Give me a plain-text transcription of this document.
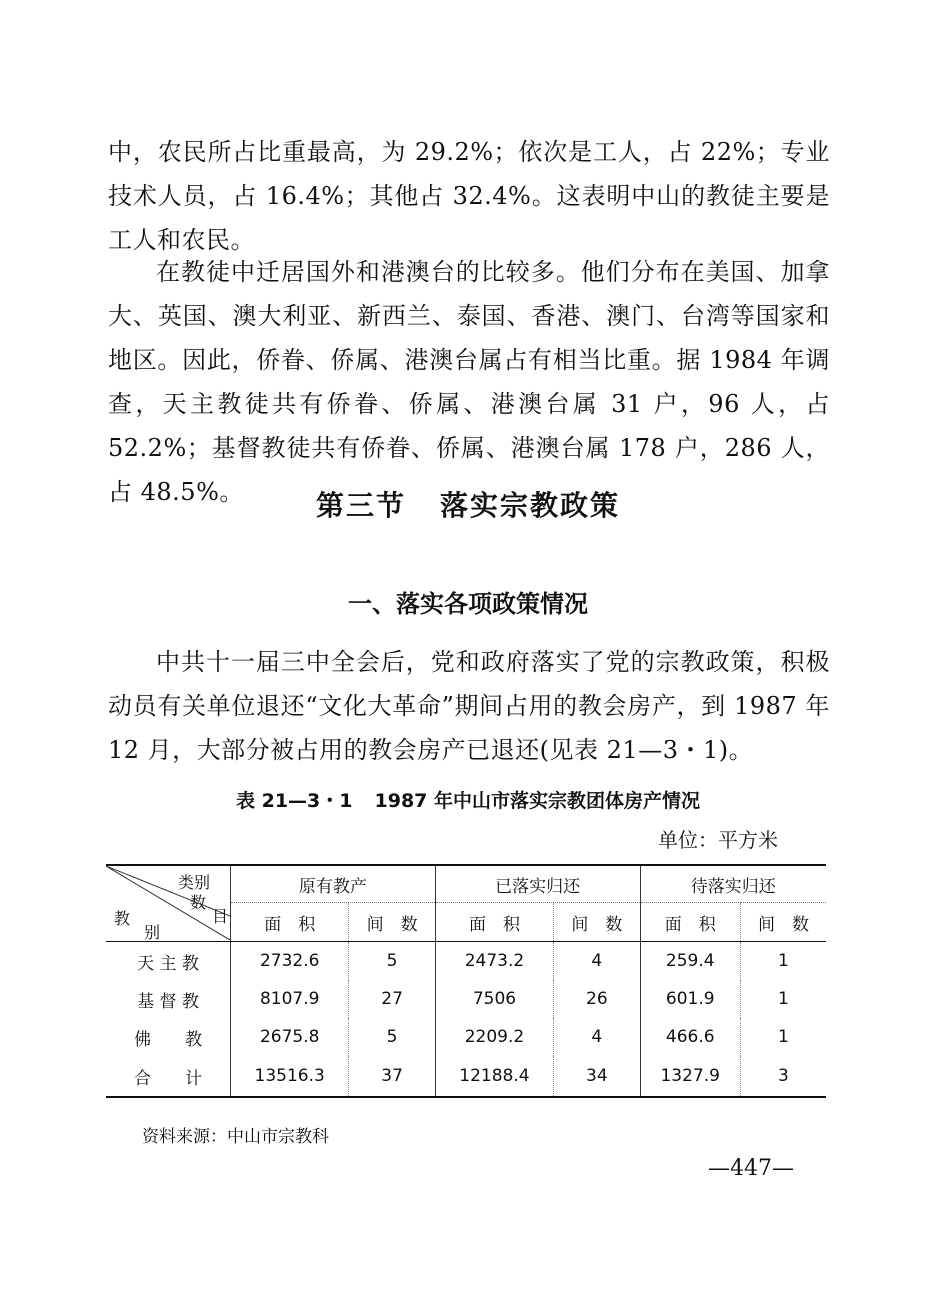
中，农民所占比重最高，为 29.2%；依次是工人，占 22%；专业技术人员，占 16.4%；其他占 32.4%。这表明中山的教徒主要是工人和农民。

在教徒中迁居国外和港澳台的比较多。他们分布在美国、加拿大、英国、澳大利亚、新西兰、泰国、香港、澳门、台湾等国家和地区。因此，侨眷、侨属、港澳台属占有相当比重。据 1984 年调查，天主教徒共有侨眷、侨属、港澳台属 31 户，96 人，占 52.2%；基督教徒共有侨眷、侨属、港澳台属 178 户，286 人，占 48.5%。	第三节 落实宗教政策
一、落实各项政策情况

中共十一届三中全会后，党和政府落实了党的宗教政策，积极动员有关单位退还“文化大革命”期间占用的教会房产，到 1987 年 12 月，大部分被占用的教会房产已退还(见表 21—3・1)。

表 21—3・1 1987 年中山市落实宗教团体房产情况

单位：平方米

类别
数
目
教
别	原有教产		已落实归还		待落实归还	
	面　积	间　数	面　积	间　数	面　积	间　数
天 主 教	2732.6	5	2473.2	4	259.4	1
基 督 教	8107.9	27	7506	26	601.9	1
佛　　教	2675.8	5	2209.2	4	466.6	1
合　　计	13516.3	37	12188.4	34	1327.9	3

资料来源：中山市宗教科

—447—
